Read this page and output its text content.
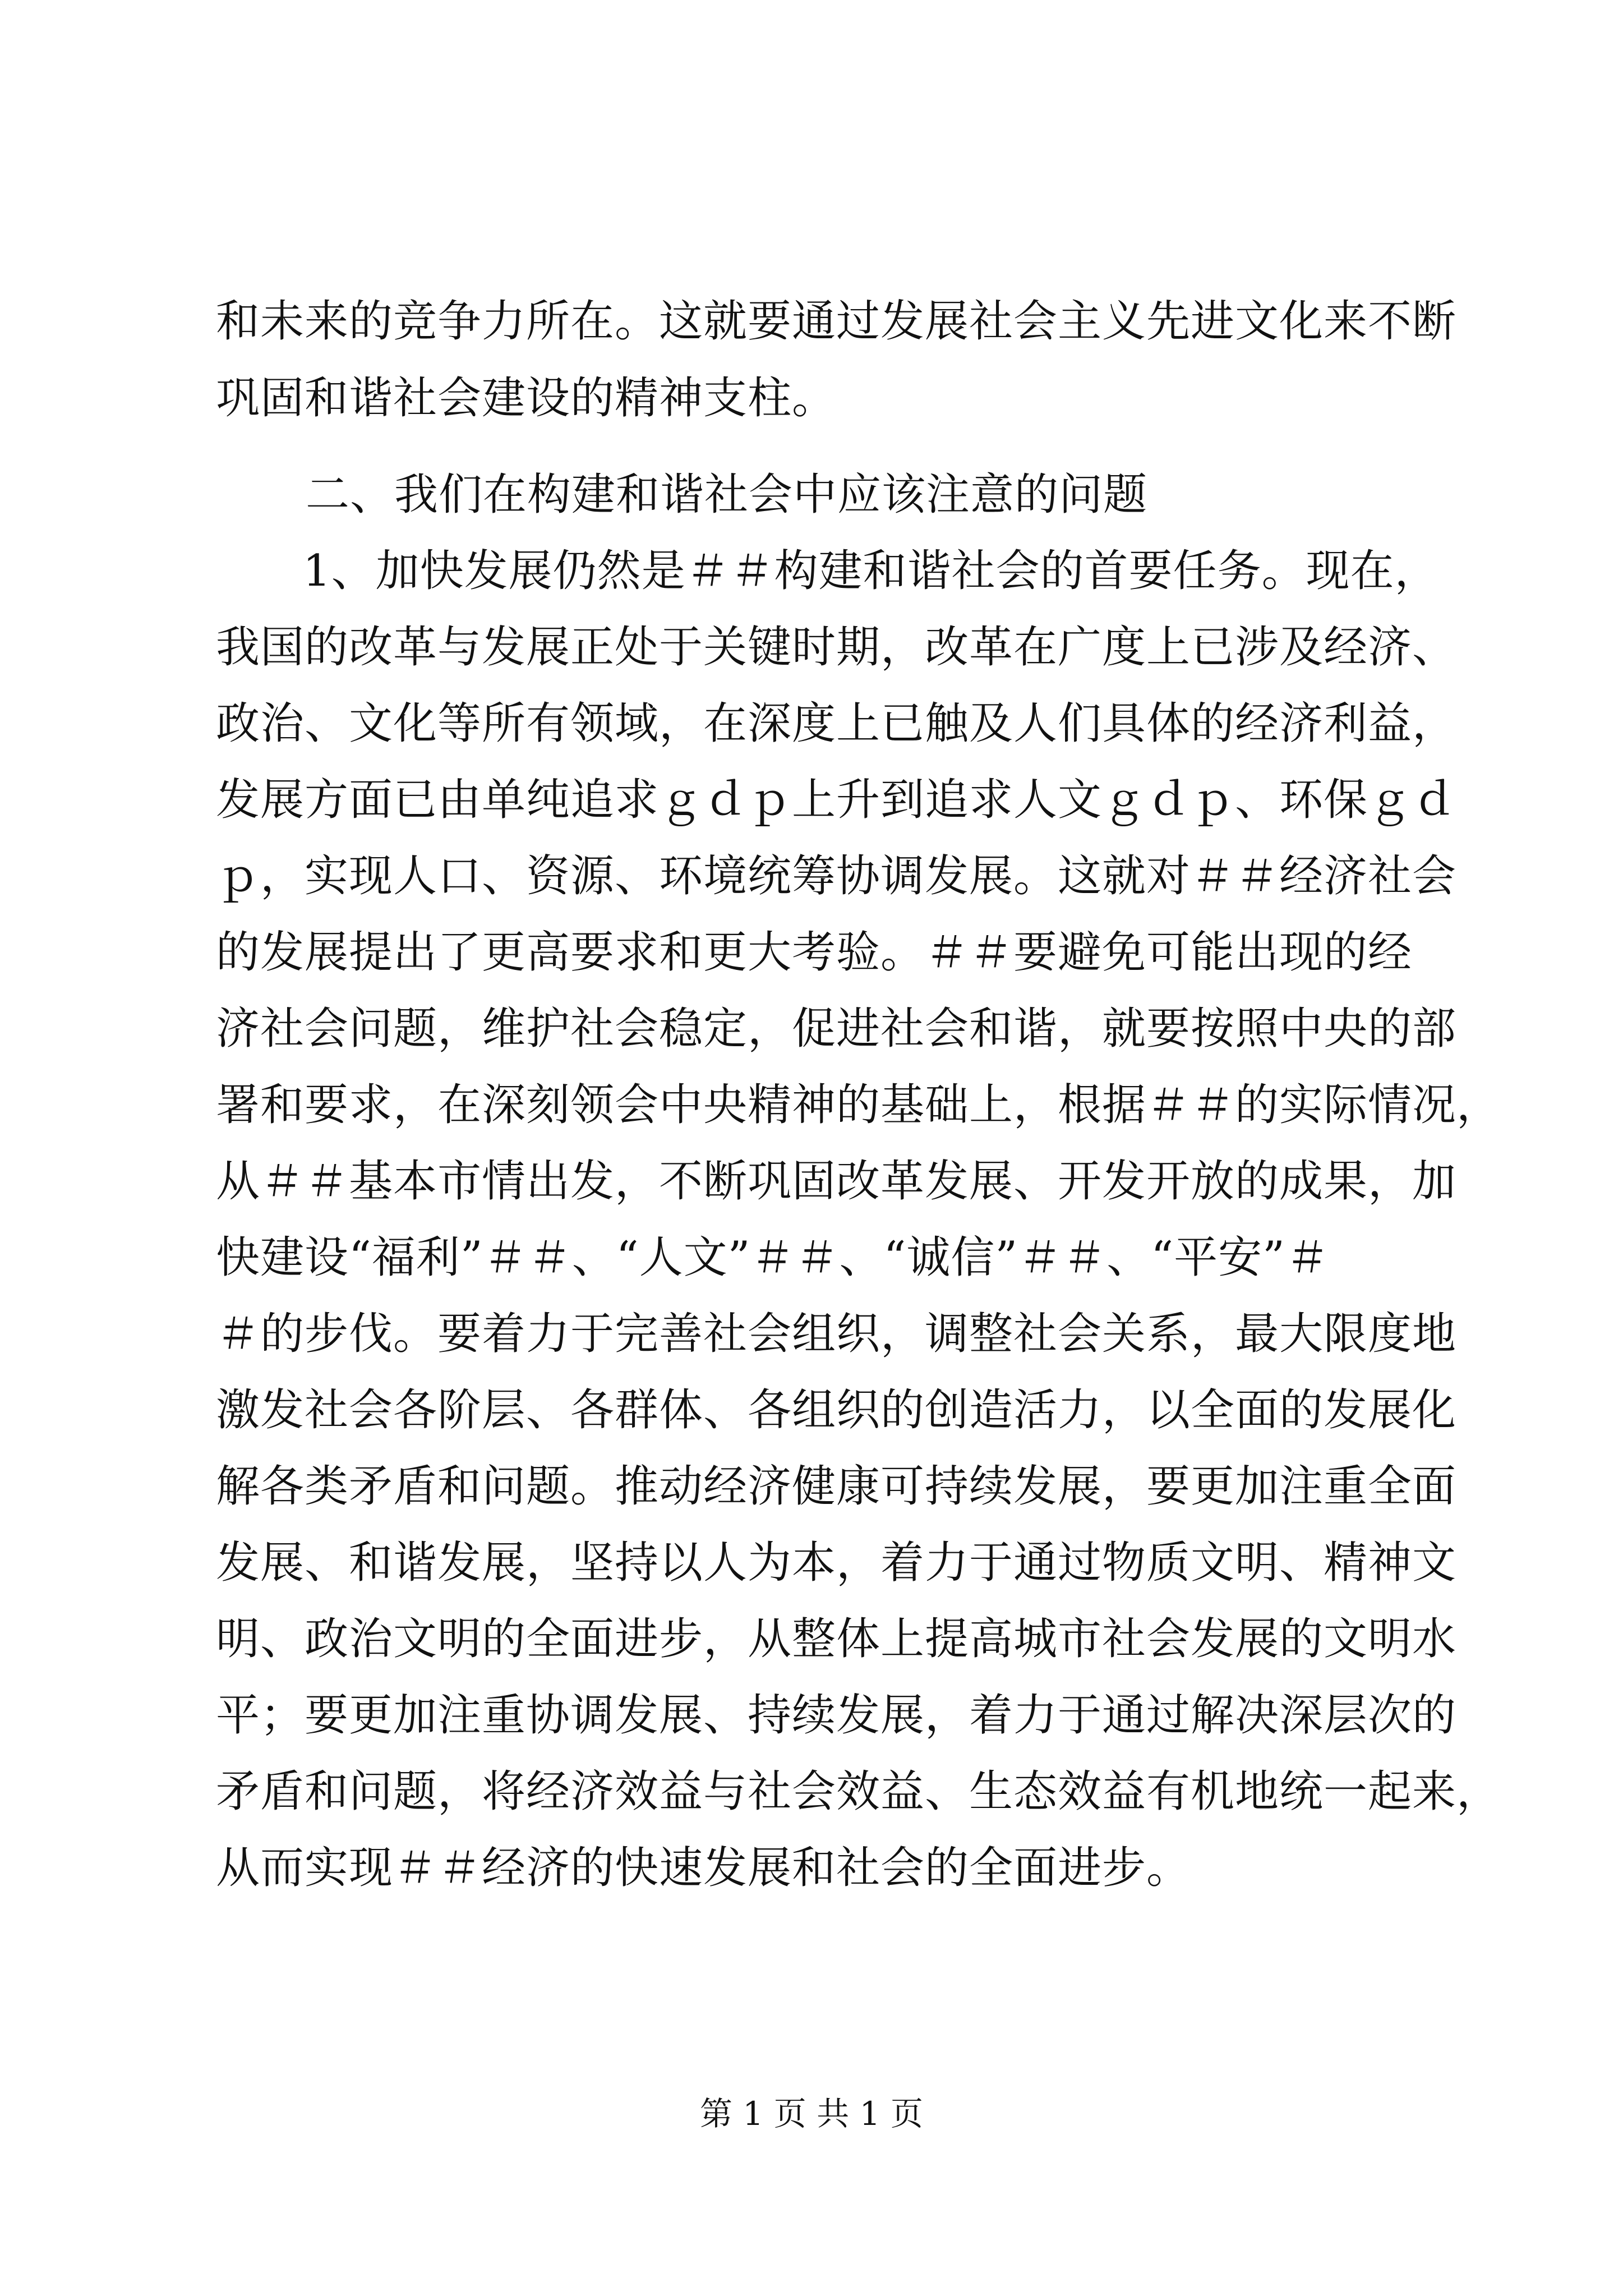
和未来的竞争力所在。这就要通过发展社会主义先进文化来不断
巩固和谐社会建设的精神支柱。
二、我们在构建和谐社会中应该注意的问题
1、加快发展仍然是＃＃构建和谐社会的首要任务。现在，
我国的改革与发展正处于关键时期，改革在广度上已涉及经济、
政治、文化等所有领域，在深度上已触及人们具体的经济利益，
发展方面已由单纯追求ｇｄｐ上升到追求人文ｇｄｐ、环保ｇｄ
ｐ，实现人口、资源、环境统筹协调发展。这就对＃＃经济社会
的发展提出了更高要求和更大考验。＃＃要避免可能出现的经
济社会问题，维护社会稳定，促进社会和谐，就要按照中央的部
署和要求，在深刻领会中央精神的基础上，根据＃＃的实际情况，
从＃＃基本市情出发，不断巩固改革发展、开发开放的成果，加
快建设“福利”＃＃、“人文”＃＃、“诚信”＃＃、“平安”＃
＃的步伐。要着力于完善社会组织，调整社会关系，最大限度地
激发社会各阶层、各群体、各组织的创造活力，以全面的发展化
解各类矛盾和问题。推动经济健康可持续发展，要更加注重全面
发展、和谐发展，坚持以人为本，着力于通过物质文明、精神文
明、政治文明的全面进步，从整体上提高城市社会发展的文明水
平；要更加注重协调发展、持续发展，着力于通过解决深层次的
矛盾和问题，将经济效益与社会效益、生态效益有机地统一起来，
从而实现＃＃经济的快速发展和社会的全面进步。
第 1 页 共 1 页
